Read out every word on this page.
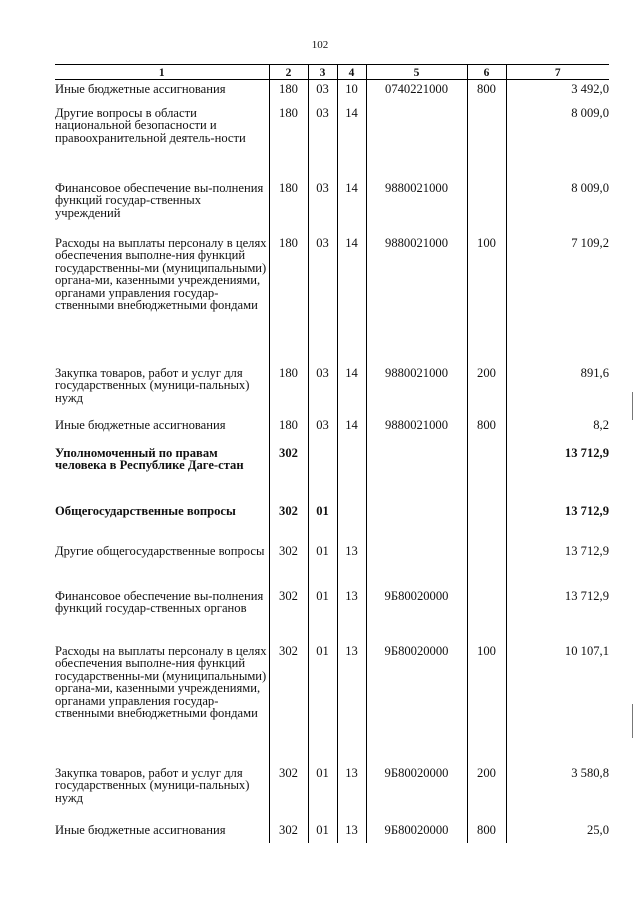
102
1	2	3	4	5	6	7
Иные бюджетные ассигнования	180	03	10	0740221000	800	3 492,0
Другие вопросы в области национальной безопасности и правоохранительной деятель-ности	180	03	14			8 009,0
Финансовое обеспечение вы-полнения функций государ-ственных учреждений	180	03	14	9880021000		8 009,0
Расходы на выплаты персоналу в целях обеспечения выполне-ния функций государственны-ми (муниципальными) органа-ми, казенными учреждениями, органами управления государ-ственными внебюджетными фондами	180	03	14	9880021000	100	7 109,2
Закупка товаров, работ и услуг для государственных (муници-пальных) нужд	180	03	14	9880021000	200	891,6
Иные бюджетные ассигнования	180	03	14	9880021000	800	8,2
Уполномоченный по правам человека в Республике Даге-стан	302					13 712,9
Общегосударственные вопросы	302	01				13 712,9
Другие общегосударственные вопросы	302	01	13			13 712,9
Финансовое обеспечение вы-полнения функций государ-ственных органов	302	01	13	9Б80020000		13 712,9
Расходы на выплаты персоналу в целях обеспечения выполне-ния функций государственны-ми (муниципальными) органа-ми, казенными учреждениями, органами управления государ-ственными внебюджетными фондами	302	01	13	9Б80020000	100	10 107,1
Закупка товаров, работ и услуг для государственных (муници-пальных) нужд	302	01	13	9Б80020000	200	3 580,8
Иные бюджетные ассигнования	302	01	13	9Б80020000	800	25,0
